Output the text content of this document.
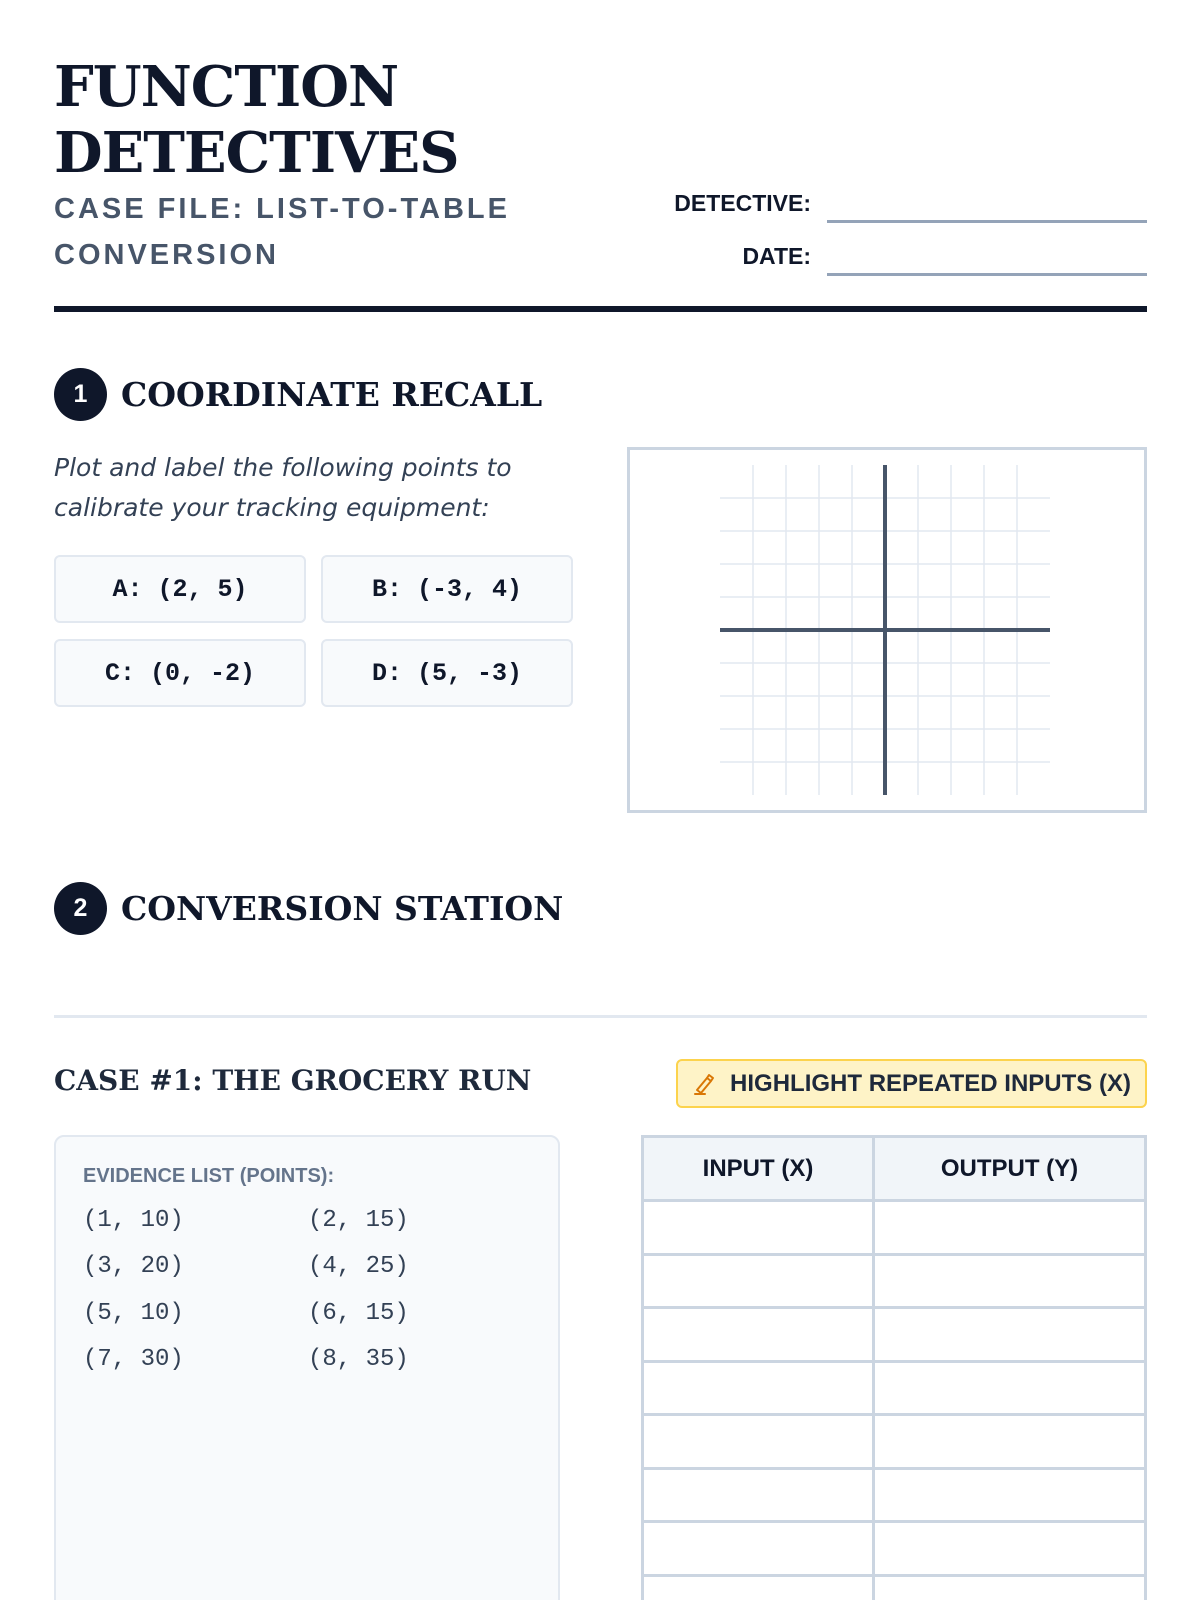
FUNCTION DETECTIVES
CASE FILE: LIST-TO-TABLE CONVERSION
DETECTIVE:
DATE:
1	COORDINATE RECALL
Plot and label the following points to calibrate your tracking equipment:
A: (2, 5)	B: (-3, 4)
C: (0, -2)	D: (5, -3)
2	CONVERSION STATION
CASE #1: THE GROCERY RUN	HIGHLIGHT REPEATED INPUTS (X)
EVIDENCE LIST (POINTS):
(1, 10)	(2, 15)
(3, 20)	(4, 25)
(5, 10)	(6, 15)
(7, 30)	(8, 35)
INPUT (X)	OUTPUT (Y)
